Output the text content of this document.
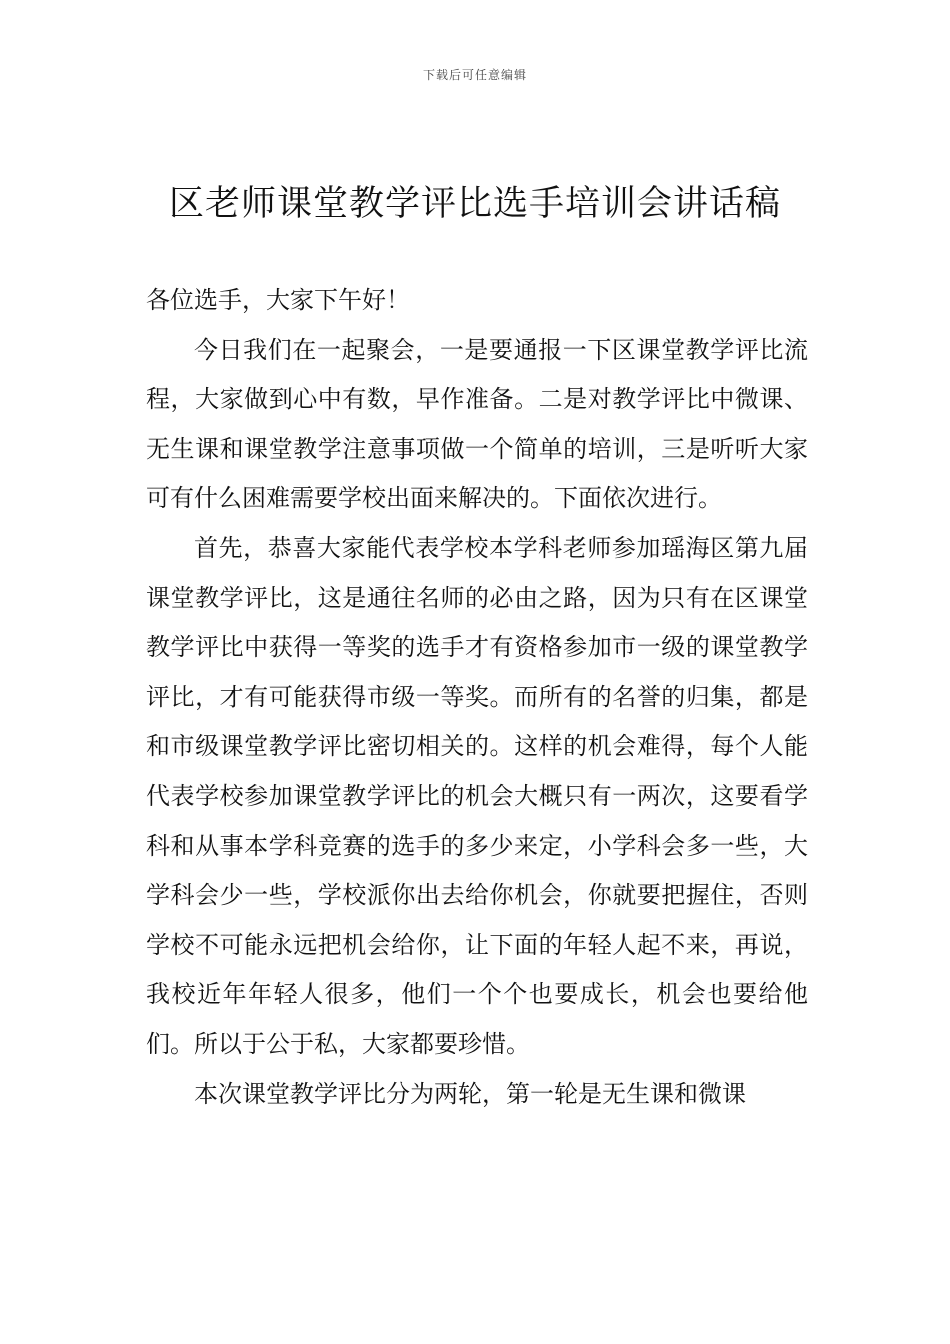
下载后可任意编辑
区老师课堂教学评比选手培训会讲话稿

各位选手，大家下午好！

今日我们在一起聚会，一是要通报一下区课堂教学评比流程，大家做到心中有数，早作准备。二是对教学评比中微课、无生课和课堂教学注意事项做一个简单的培训，三是听听大家可有什么困难需要学校出面来解决的。下面依次进行。

首先，恭喜大家能代表学校本学科老师参加瑶海区第九届课堂教学评比，这是通往名师的必由之路，因为只有在区课堂教学评比中获得一等奖的选手才有资格参加市一级的课堂教学评比，才有可能获得市级一等奖。而所有的名誉的归集，都是和市级课堂教学评比密切相关的。这样的机会难得，每个人能代表学校参加课堂教学评比的机会大概只有一两次，这要看学科和从事本学科竞赛的选手的多少来定，小学科会多一些，大学科会少一些，学校派你出去给你机会，你就要把握住，否则学校不可能永远把机会给你，让下面的年轻人起不来，再说，我校近年年轻人很多，他们一个个也要成长，机会也要给他们。所以于公于私，大家都要珍惜。

本次课堂教学评比分为两轮，第一轮是无生课和微课
